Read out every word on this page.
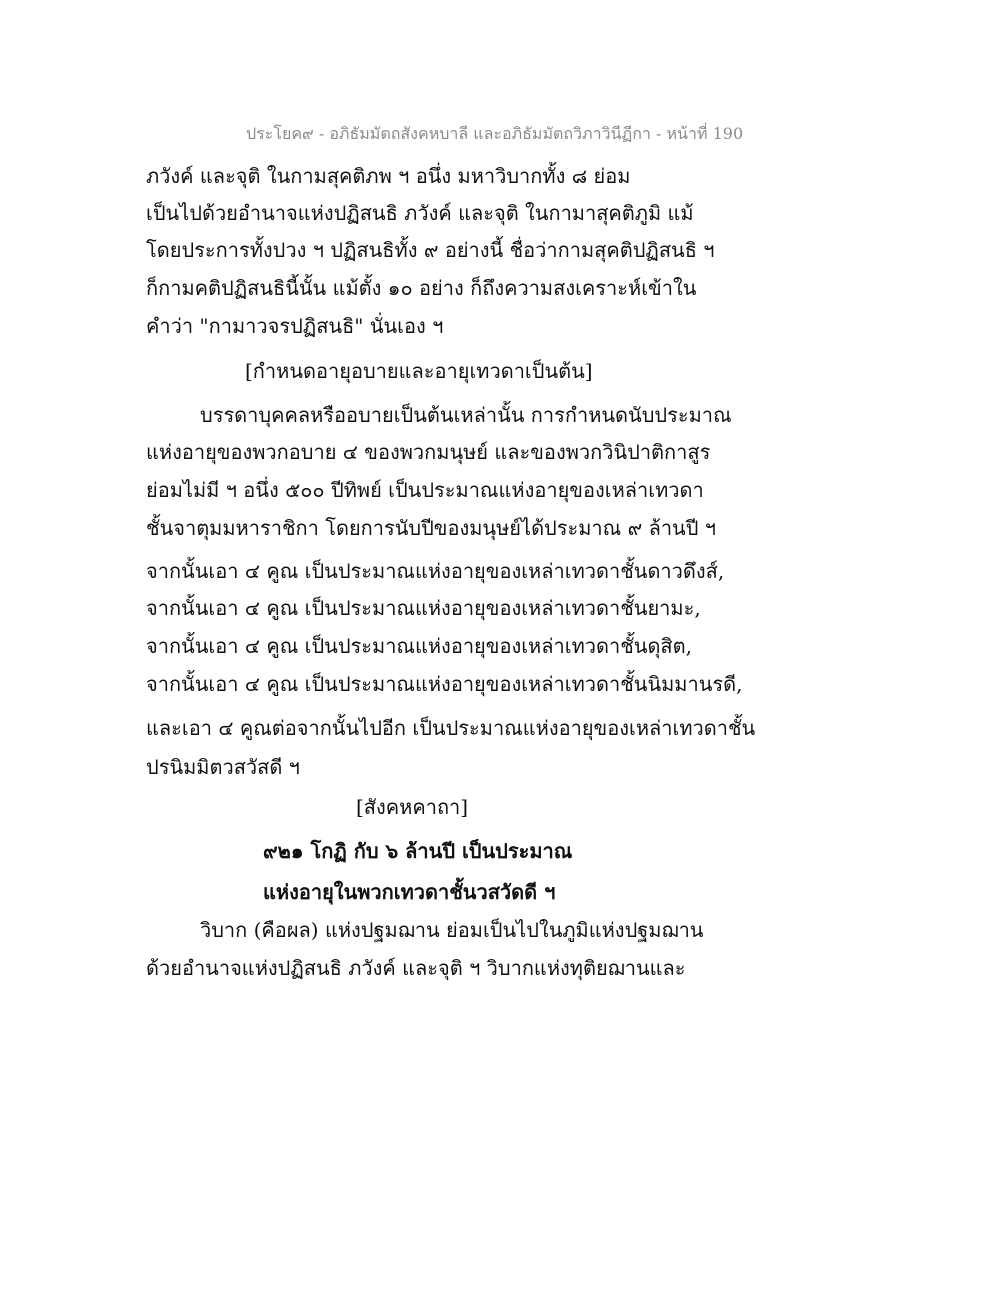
ประโยค๙ - อภิธัมมัตถสังคหบาลี และอภิธัมมัตถวิภาวินีฏีกา - หน้าที่ 190
ภวังค์ และจุติ ในกามสุคติภพ ฯ อนึ่ง มหาวิบากทั้ง ๘ ย่อม
เป็นไปด้วยอำนาจแห่งปฏิสนธิ ภวังค์ และจุติ ในกามาสุคติภูมิ แม้
โดยประการทั้งปวง ฯ ปฏิสนธิทั้ง ๙ อย่างนี้ ชื่อว่ากามสุคติปฏิสนธิ ฯ
ก็กามคติปฏิสนธินี้นั้น แม้ตั้ง ๑๐ อย่าง ก็ถึงความสงเคราะห์เข้าใน
คำว่า "กามาวจรปฏิสนธิ" นั่นเอง ฯ
[กำหนดอายุอบายและอายุเทวดาเป็นต้น]
บรรดาบุคคลหรืออบายเป็นต้นเหล่านั้น การกำหนดนับประมาณ
แห่งอายุของพวกอบาย ๔ ของพวกมนุษย์ และของพวกวินิปาติกาสูร
ย่อมไม่มี ฯ อนึ่ง ๕๐๐ ปีทิพย์ เป็นประมาณแห่งอายุของเหล่าเทวดา
ชั้นจาตุมมหาราชิกา โดยการนับปีของมนุษย์ได้ประมาณ ๙ ล้านปี ฯ
จากนั้นเอา ๔ คูณ เป็นประมาณแห่งอายุของเหล่าเทวดาชั้นดาวดึงส์,
จากนั้นเอา ๔ คูณ เป็นประมาณแห่งอายุของเหล่าเทวดาชั้นยามะ,
จากนั้นเอา ๔ คูณ เป็นประมาณแห่งอายุของเหล่าเทวดาชั้นดุสิต,
จากนั้นเอา ๔ คูณ เป็นประมาณแห่งอายุของเหล่าเทวดาชั้นนิมมานรดี,
และเอา ๔ คูณต่อจากนั้นไปอีก เป็นประมาณแห่งอายุของเหล่าเทวดาชั้น
ปรนิมมิตวสวัสดี ฯ
[สังคหคาถา]
๙๒๑ โกฏิ กับ ๖ ล้านปี เป็นประมาณ
แห่งอายุในพวกเทวดาชั้นวสวัดดี ฯ
วิบาก (คือผล) แห่งปฐมฌาน ย่อมเป็นไปในภูมิแห่งปฐมฌาน
ด้วยอำนาจแห่งปฏิสนธิ ภวังค์ และจุติ ฯ วิบากแห่งทุติยฌานและ
